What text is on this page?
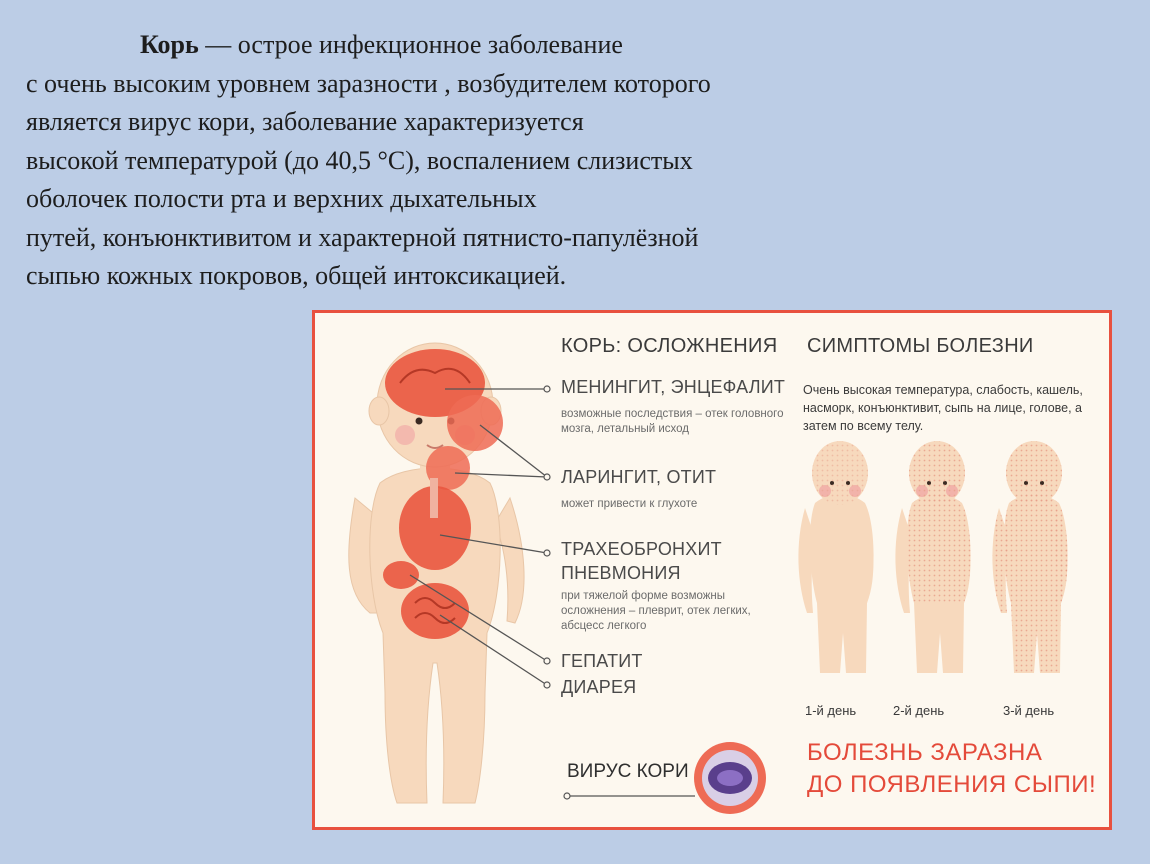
Корь — острое инфекционное заболевание
с очень высоким уровнем заразности , возбудителем которого
является вирус кори, заболевание характеризуется
высокой температурой (до 40,5 °C), воспалением слизистых
оболочек полости рта и верхних дыхательных
путей, конъюнктивитом и характерной пятнисто-папулёзной
сыпью кожных покровов, общей интоксикацией.
КОРЬ: ОСЛОЖНЕНИЯ СИМПТОМЫ БОЛЕЗНИ
МЕНИНГИТ, ЭНЦЕФАЛИТ
возможные последствия – отек головного мозга, летальный исход
ЛАРИНГИТ, ОТИТ
может привести к глухоте
ТРАХЕОБРОНХИТ
ПНЕВМОНИЯ
при тяжелой форме возможны осложнения – плеврит, отек легких, абсцесс легкого
ГЕПАТИТ
ДИАРЕЯ
Очень высокая температура, слабость, кашель, насморк, конъюнктивит, сыпь на лице, голове, а затем по всему телу.
1-й день	2-й день	3-й день
БОЛЕЗНЬ ЗАРАЗНА
ДО ПОЯВЛЕНИЯ СЫПИ!
ВИРУС КОРИ
